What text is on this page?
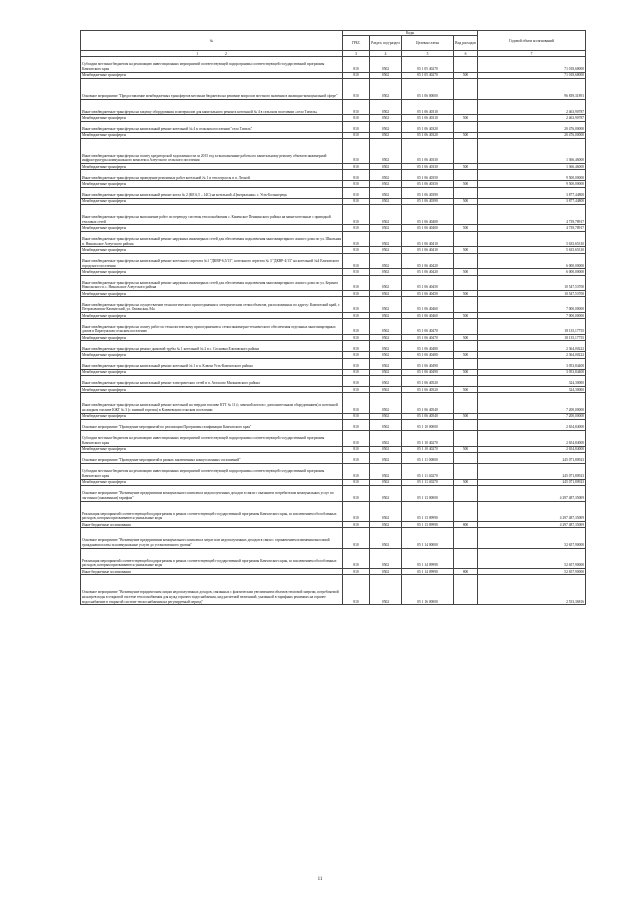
№	Коды				Годовой объем ассигнований
	ГРБС	Раздел, под-раздел	Целевая статья	Вид расходов	
1 2	3	4	5	6	7
Субсидии местным бюджетам на реализацию инвестиционных мероприятий соответствующей подпрограммы соответствующей государственной программы Камчатского края	810	0502	05 1 05 40270		71 018,68000
Межбюджетные трансферты	810	0502	05 1 05 40270	500	71 018,68000
Основное мероприятие "Предоставление межбюджетных трансфертов местным бюджетам на решение вопросов местного значения в жилищно-коммунальной сфере"	810	0502	05 1 06 00000		96 839,31891
Иные межбюджетные трансферты на закупку оборудования и материалов для капитального ремонта котельной № 4 в сельском поселении «село Тигиль»	810	0502	05 1 06 40310		2 463,90787
Межбюджетные трансферты	810	0502	05 1 06 40310	500	2 463,90787
Иные межбюджетные трансферты на капитальный ремонт котельной № 4 в сельском поселении "село Тигиль"	810	0502	05 1 06 40320		20 476,00000
Межбюджетные трансферты	810	0502	05 1 06 40320	500	20 476,00000
Иные межбюджетные трансферты на оплату кредиторской задолженности за 2015 год за выполненные работы по капитальному ремонту объектов инженерной инфраструктуры коммунального комплекса Алеутского сельского поселения	810	0502	05 1 06 40330		1 366,46000
Межбюджетные трансферты	810	0502	05 1 06 40330	500	1 366,46000
Иные межбюджетные трансферты на проведение ремонтных работ котельной № 1 и теплотрассы в п. Лесной	810	0502	05 1 06 40350		9 500,00000
Межбюджетные трансферты	810	0502	05 1 06 40350	500	9 500,00000
Иные межбюджетные трансферты на капитальный ремонт котла № 2 (КЕ 6,5 – 14С) на котельной «Центральная» с. Усть-Большерецк	810	0502	05 1 06 40390		3 877,44800
Межбюджетные трансферты	810	0502	05 1 06 40390	500	3 877,44800
Иные межбюджетные трансферты на выполнение работ по переводу системы теплоснабжения с. Каменское Пенжинского района на мини-котельные с приводкой тепловых сетей	810	0502	05 1 06 40400		4 739,78917
Межбюджетные трансферты	810	0502	05 1 06 40400	500	4 739,78917
Иные межбюджетные трансферты на капитальный ремонт наружных инженерных сетей для обеспечения подключения многоквартирного жилого дома по ул. Школьная п. Никольское Алеутского района	810	0502	05 1 06 40410		5 635,65310
Межбюджетные трансферты	810	0502	05 1 06 40410	500	5 635,65310
Иные межбюджетные трансферты на капитальный ремонт котельного агрегата №1 "ДКВР-6,5/13", котельного агрегата № 3 "ДКВР-4/13" на котельной №4 Елизовского городского поселения	810	0502	05 1 06 40420		6 000,00000
Межбюджетные трансферты	810	0502	05 1 06 40420	500	6 000,00000
Иные межбюджетные трансферты на капитальный ремонт наружных инженерных сетей для обеспечения подключения многоквартирного жилого дома по ул. Беринга Никольского п.с. Никольское Алеутского района	810	0502	05 1 06 40450		10 547,53700
Межбюджетные трансферты	810	0502	05 1 06 40450	500	10 547,53700
Иные межбюджетные трансферты на осуществление технологического присоединения к электрическим сетям объектов, расположенных по адресу: Камчатский край, г. Петропавловск-Камчатский, ул. Океанская, 84а	810	0502	05 1 06 40460		7 000,00000
Межбюджетные трансферты	810	0502	05 1 06 40460	500	7 000,00000
Иные межбюджетные трансферты на оплату работ по технологическому присоединению к сетям инженерно-технического обеспечения отдельных многоквартирных домов в Паратунском сельском поселении	810	0502	05 1 06 40470		18 135,17755
Межбюджетные трансферты	810	0502	05 1 06 40470	500	18 135,17755
Иные межбюджетные трансферты на ремонт дымовой трубы № 1 котельной № 2 в с. Сосновка Елизовского района	810	0502	05 1 06 40480		2 364,00222
Межбюджетные трансферты	810	0502	05 1 06 40480	500	2 364,00222
Иные межбюджетные трансферты на капитальный ремонт котельной № 1 в п. Ключи Усть-Камчатского района	810	0502	05 1 06 40490		3 053,84400
Межбюджетные трансферты	810	0502	05 1 06 40490	500	3 053,84400
Иные межбюджетные трансферты на капитальный ремонт электрических сетей в п. Атласово Мильковского района	810	0502	05 1 06 40520		324,30000
Межбюджетные трансферты	810	0502	05 1 06 40520	500	324,30000
Иные межбюджетные трансферты на капитальный ремонт котельной на твердом топливе КТТ № 11 (с заменой котлов с дополнительным оборудованием) и котельной на жидком топливе КЖТ № 3 (с заменой горелок) в Ключевском сельском поселении	810	0502	05 1 06 40540		7 200,00000
Межбюджетные трансферты	810	0502	05 1 06 40540	500	7 200,00000
Основное мероприятие "Проведение мероприятий по реализации Программы газификации Камчатского края"	810	0502	05 1 10 00000		2 654,84000
Субсидии местным бюджетам на реализацию инвестиционных мероприятий соответствующей подпрограммы соответствующей государственной программы Камчатского края	810	0502	05 1 10 40270		2 654,84000
Межбюджетные трансферты	810	0502	05 1 10 40270	500	2 654,84000
Основное мероприятие "Проведение мероприятий в рамках заключенных концессионных соглашений"	810	0502	05 1 11 00000		245 071,80923
Субсидии местным бюджетам на реализацию инвестиционных мероприятий соответствующей подпрограммы соответствующей государственной программы Камчатского края	810	0502	05 1 11 40270		245 071,80923
Межбюджетные трансферты	810	0502	05 1 11 40270	500	245 071,80923
Основное мероприятие "Возмещение предприятиям коммунального комплекса недополученных доходов в связи с оказанием потребителям коммунальных услуг по льготным (сниженным) тарифам"	810	0502	05 1 13 00000		4 297 487,35009
Реализация мероприятий соответствующей подпрограммы в рамках соответствующей государственной программы Камчатского края, за исключением обособленных расходов, которым присваиваются уникальные коды	810	0502	05 1 13 09990		4 297 487,35009
Иные бюджетные ассигнования	810	0502	05 1 13 09990	800	4 297 487,35009
Основное мероприятие "Возмещение предприятиям коммунального комплекса затрат или недополученных доходов в связи с ограничением изменения вносимой гражданами платы за коммунальные услуги до установленного уровня"	810	0502	05 1 14 00000		52 657,90000
Реализация мероприятий соответствующей подпрограммы в рамках соответствующей государственной программы Камчатского края, за исключением обособленных расходов, которым присваиваются уникальные коды	810	0502	05 1 14 09990		52 657,90000
Иные бюджетные ассигнования	810	0502	05 1 14 09990	800	52 657,90000
Основное мероприятие "Возмещение юридическим лицам недополученных доходов, связанных с фактическим увеличением объемов тепловой энергии, потребляемой на нагрев воды в открытой системе теплоснабжения для нужд горячего водоснабжения, над расчетной величиной, указанной в тарифных решениях на горячее водоснабжение в открытой системе теплоснабжения на регулируемый период"	810	0502	05 1 16 00000		2 533,36816
11
